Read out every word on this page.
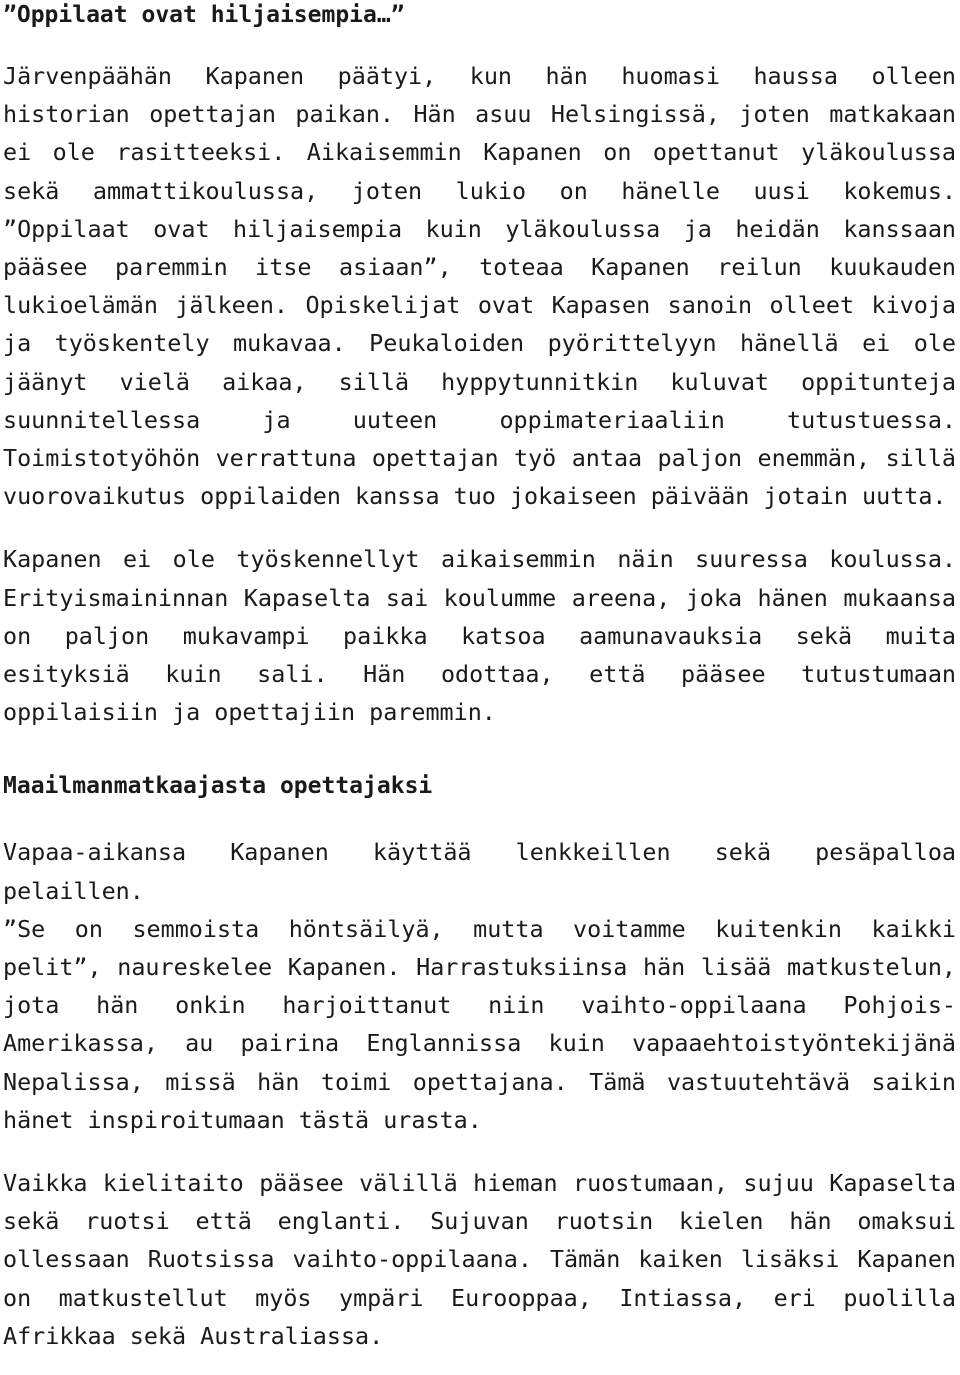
”Oppilaat ovat hiljaisempia…”

Järvenpäähän Kapanen päätyi, kun hän huomasi haussa olleen historian opettajan paikan. Hän asuu Helsingissä, joten matkakaan ei ole rasitteeksi. Aikaisemmin Kapanen on opettanut yläkoulussa sekä ammattikoulussa, joten lukio on hänelle uusi kokemus. ”Oppilaat ovat hiljaisempia kuin yläkoulussa ja heidän kanssaan pääsee paremmin itse asiaan”, toteaa Kapanen reilun kuukauden lukioelämän jälkeen. Opiskelijat ovat Kapasen sanoin olleet kivoja ja työskentely mukavaa. Peukaloiden pyörittelyyn hänellä ei ole jäänyt vielä aikaa, sillä hyppytunnitkin kuluvat oppitunteja suunnitellessa ja uuteen oppimateriaaliin tutustuessa. Toimistotyöhön verrattuna opettajan työ antaa paljon enemmän, sillä vuorovaikutus oppilaiden kanssa tuo jokaiseen päivään jotain uutta.

Kapanen ei ole työskennellyt aikaisemmin näin suuressa koulussa. Erityismaininnan Kapaselta sai koulumme areena, joka hänen mukaansa on paljon mukavampi paikka katsoa aamunavauksia sekä muita esityksiä kuin sali. Hän odottaa, että pääsee tutustumaan oppilaisiin ja opettajiin paremmin.

Maailmanmatkaajasta opettajaksi

Vapaa-aikansa Kapanen käyttää lenkkeillen sekä pesäpalloa pelaillen.
”Se on semmoista höntsäilyä, mutta voitamme kuitenkin kaikki pelit”, naureskelee Kapanen. Harrastuksiinsa hän lisää matkustelun, jota hän onkin harjoittanut niin vaihto-oppilaana Pohjois-Amerikassa, au pairina Englannissa kuin vapaaehtoistyöntekijänä Nepalissa, missä hän toimi opettajana. Tämä vastuutehtävä saikin hänet inspiroitumaan tästä urasta.

Vaikka kielitaito pääsee välillä hieman ruostumaan, sujuu Kapaselta sekä ruotsi että englanti. Sujuvan ruotsin kielen hän omaksui ollessaan Ruotsissa vaihto-oppilaana. Tämän kaiken lisäksi Kapanen on matkustellut myös ympäri Eurooppaa, Intiassa, eri puolilla Afrikkaa sekä Australiassa.
